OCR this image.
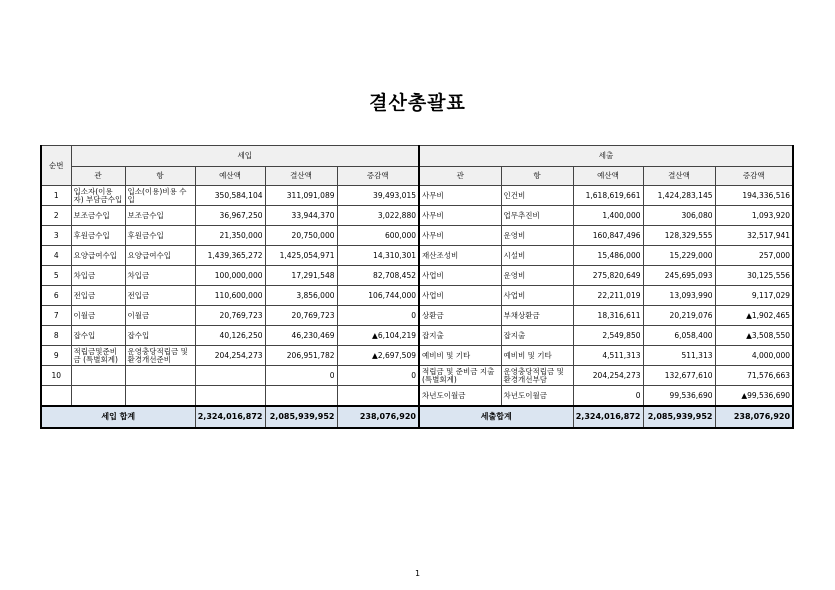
결산총괄표
순번	세입					세출				
	관	항	예산액	결산액	증감액	관	항	예산액	결산액	증감액
1	입소자(이용자) 부담금수입	입소(이용)비용 수입	350,584,104	311,091,089	39,493,015	사무비	인건비	1,618,619,661	1,424,283,145	194,336,516
2	보조금수입	보조금수입	36,967,250	33,944,370	3,022,880	사무비	업무추진비	1,400,000	306,080	1,093,920
3	후원금수입	후원금수입	21,350,000	20,750,000	600,000	사무비	운영비	160,847,496	128,329,555	32,517,941
4	요양급여수입	요양급여수입	1,439,365,272	1,425,054,971	14,310,301	재산조성비	시설비	15,486,000	15,229,000	257,000
5	차입금	차입금	100,000,000	17,291,548	82,708,452	사업비	운영비	275,820,649	245,695,093	30,125,556
6	전입금	전입금	110,600,000	3,856,000	106,744,000	사업비	사업비	22,211,019	13,093,990	9,117,029
7	이월금	이월금	20,769,723	20,769,723	0	상환금	부채상환금	18,316,611	20,219,076	▲1,902,465
8	잡수입	잡수입	40,126,250	46,230,469	▲6,104,219	잡지출	잡지출	2,549,850	6,058,400	▲3,508,550
9	적립금및준비금 (특별회계)	운영충당적립금 및환경개선준비	204,254,273	206,951,782	▲2,697,509	예비비 및 기타	예비비 및 기타	4,511,313	511,313	4,000,000
10				0	0	적립금 및 준비금 지출(특별회계)	운영충당적립금 및 환경개선부담	204,254,273	132,677,610	71,576,663
						차년도이월금	차년도이월금	0	99,536,690	▲99,536,690
세입 합계			2,324,016,872	2,085,939,952	238,076,920	세출합계		2,324,016,872	2,085,939,952	238,076,920
1
